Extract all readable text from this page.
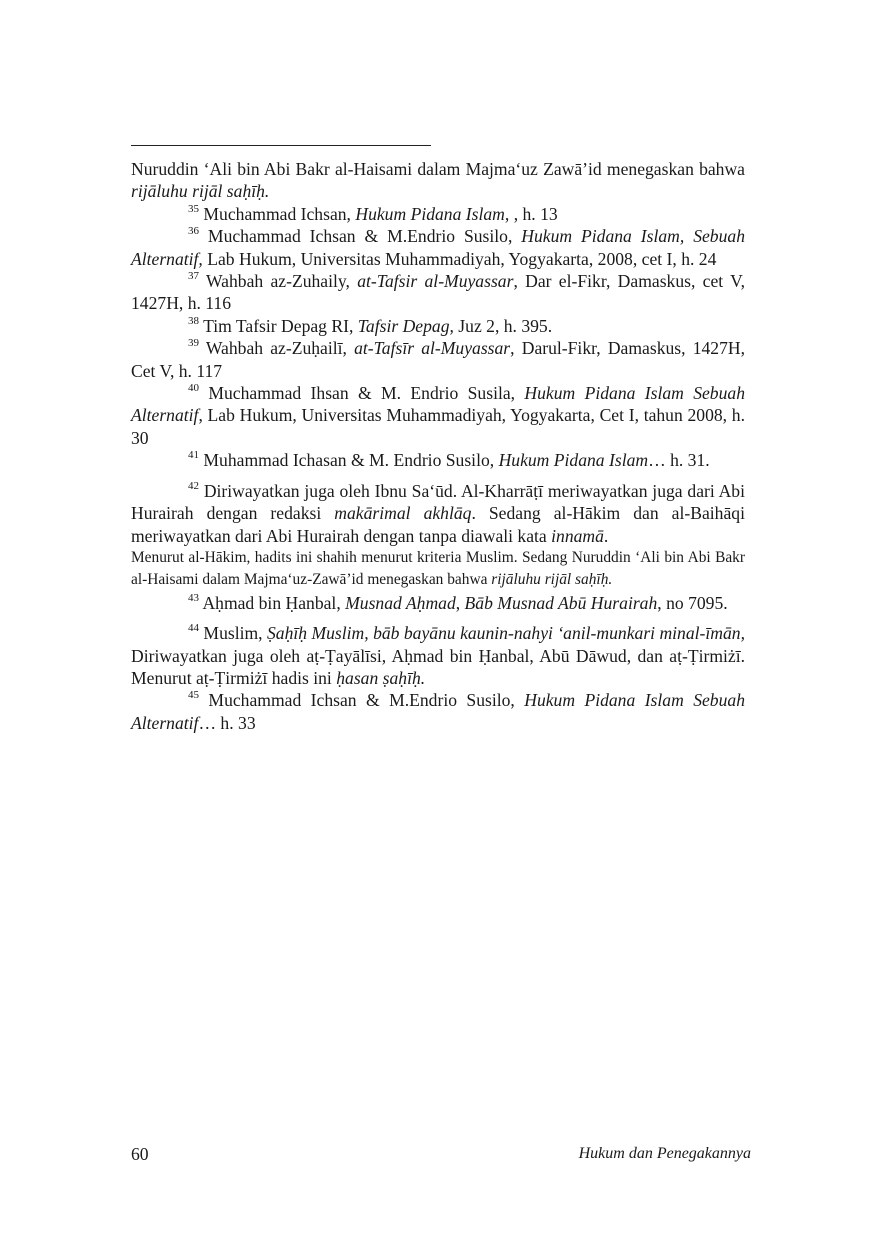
Nuruddin ‘Ali bin Abi Bakr al-Haisami dalam Majma‘uz Zawā’id menegaskan bahwa rijāluhu rijāl saḥīḥ.

$^{35}$ Muchammad Ichsan, Hukum Pidana Islam, , h. 13

$^{36}$ Muchammad Ichsan & M.Endrio Susilo, Hukum Pidana Islam, Sebuah Alternatif, Lab Hukum, Universitas Muhammadiyah, Yogyakarta, 2008, cet I, h. 24

$^{37}$ Wahbah az-Zuhaily, at-Tafsir al-Muyassar, Dar el-Fikr, Damaskus, cet V, 1427H, h. 116

$^{38}$ Tim Tafsir Depag RI, Tafsir Depag, Juz 2, h. 395.

$^{39}$ Wahbah az-Zuḥailī, at-Tafsīr al-Muyassar, Darul-Fikr, Damaskus, 1427H, Cet V, h. 117

$^{40}$ Muchammad Ihsan & M. Endrio Susila, Hukum Pidana Islam Sebuah Alternatif, Lab Hukum, Universitas Muhammadiyah, Yogyakarta, Cet I, tahun 2008, h. 30

$^{41}$ Muhammad Ichasan & M. Endrio Susilo, Hukum Pidana Islam… h. 31.

$^{42}$ Diriwayatkan juga oleh Ibnu Sa‘ūd. Al-Kharrāṭī meriwayatkan juga dari Abi Hurairah dengan redaksi makārimal akhlāq. Sedang al-Hākim dan al-Baihāqi meriwayatkan dari Abi Hurairah dengan tanpa diawali kata innamā.

Menurut al-Hākim, hadits ini shahih menurut kriteria Muslim. Sedang Nuruddin ‘Ali bin Abi Bakr al-Haisami dalam Majma‘uz-Zawā’id menegaskan bahwa rijāluhu rijāl saḥīḥ.

$^{43}$ Aḥmad bin Ḥanbal, Musnad Aḥmad, Bāb Musnad Abū Hurairah, no 7095.

$^{44}$ Muslim, Ṣaḥīḥ Muslim, bāb bayānu kaunin-nahyi ‘anil-munkari minal-īmān, Diriwayatkan juga oleh aṭ-Ṭayālīsi, Aḥmad bin Ḥanbal, Abū Dāwud, dan aṭ-Ṭirmiżī. Menurut aṭ-Ṭirmiżī hadis ini ḥasan ṣaḥīḥ.

$^{45}$ Muchammad Ichsan & M.Endrio Susilo, Hukum Pidana Islam Sebuah Alternatif… h. 33

60	Hukum dan Penegakannya
